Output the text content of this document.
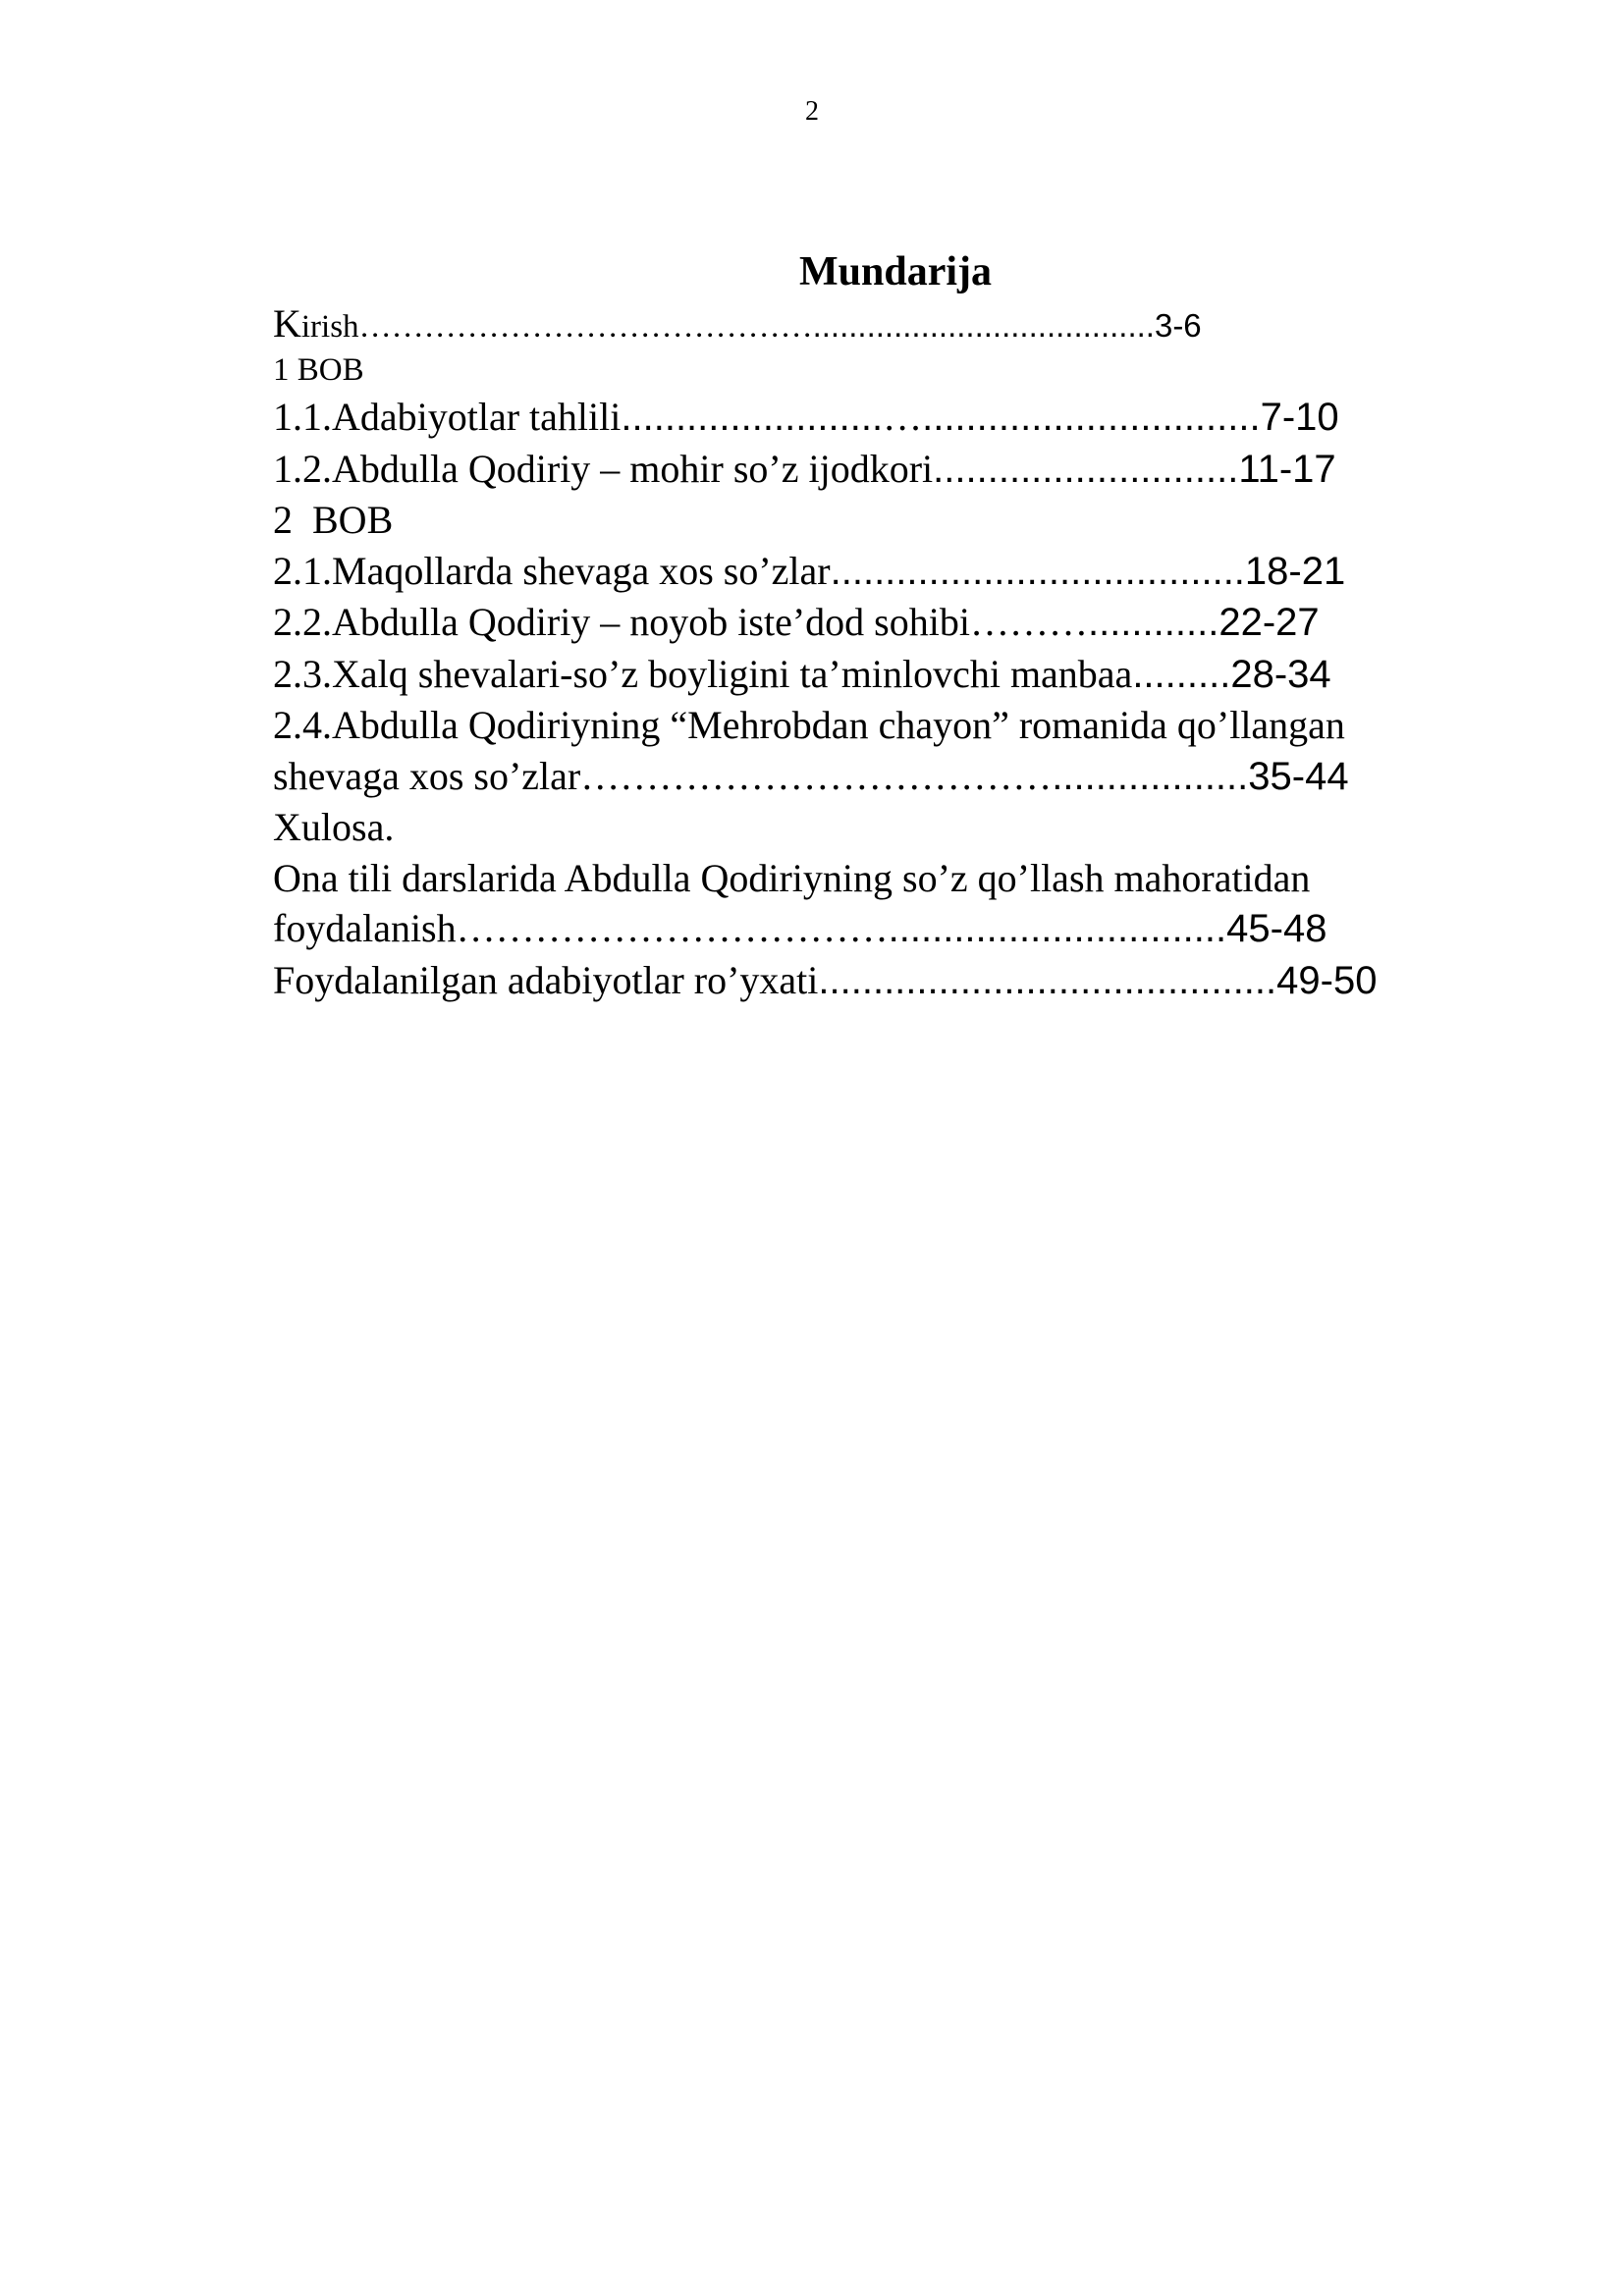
2
Mundarija
Kirish……………………………………......................................3-6
1 BOB
1.1.Adabiyotlar tahlili........................…...............................7-10
1.2.Abdulla Qodiriy – mohir so’z ijodkori............................11-17
2  BOB
2.1.Maqollarda shevaga xos so’zlar......................................18-21
2.2.Abdulla Qodiriy – noyob iste’dod sohibi………............22-27
2.3.Xalq shevalari-so’z boyligini ta’minlovchi manbaa.........28-34
2.4.Abdulla Qodiriyning “Mehrobdan chayon” romanida qo’llangan
shevaga xos so’zlar………………………………..................35-44
Xulosa.
Ona tili darslarida Abdulla Qodiriyning so’z qo’llash mahoratidan
foydalanish……………………………...............................45-48
Foydalanilgan adabiyotlar ro’yxati..........................................49-50
